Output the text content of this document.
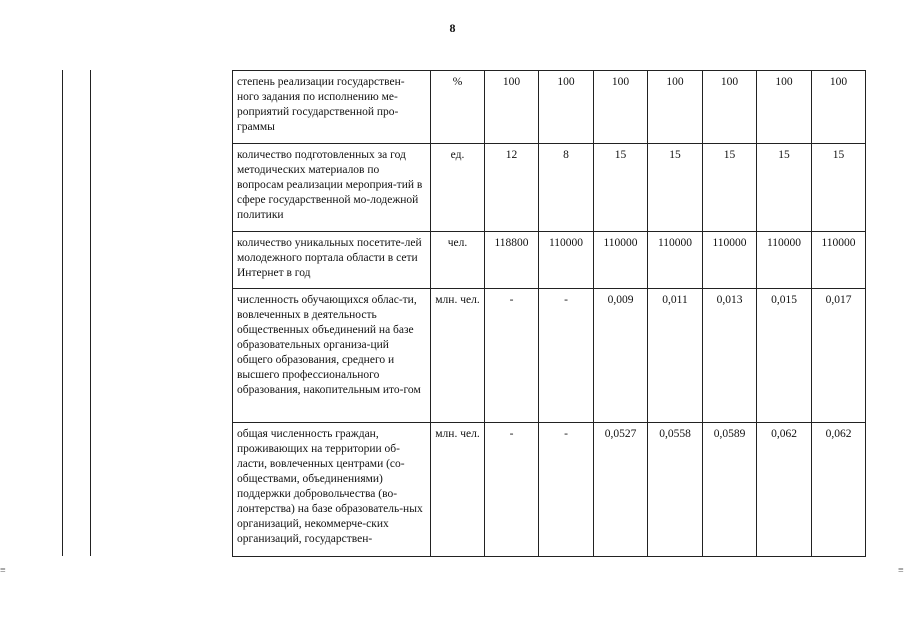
8
≡	≡
степень реализации государствен-ного задания по исполнению ме-роприятий государственной про-граммы	%	100	100	100	100	100	100	100
количество подготовленных за год методических материалов по вопросам реализации мероприя-тий в сфере государственной мо-лодежной политики	ед.	12	8	15	15	15	15	15
количество уникальных посетите-лей молодежного портала области в сети Интернет в год	чел.	118800	110000	110000	110000	110000	110000	110000
численность обучающихся облас-ти, вовлеченных в деятельность общественных объединений на базе образовательных организа-ций общего образования, среднего и высшего профессионального образования, накопительным ито-гом	млн. чел.	-	-	0,009	0,011	0,013	0,015	0,017
общая численность граждан, проживающих на территории об-ласти, вовлеченных центрами (со-обществами, объединениями) поддержки добровольчества (во-лонтерства) на базе образователь-ных организаций, некоммерче-ских организаций, государствен-	млн. чел.	-	-	0,0527	0,0558	0,0589	0,062	0,062
